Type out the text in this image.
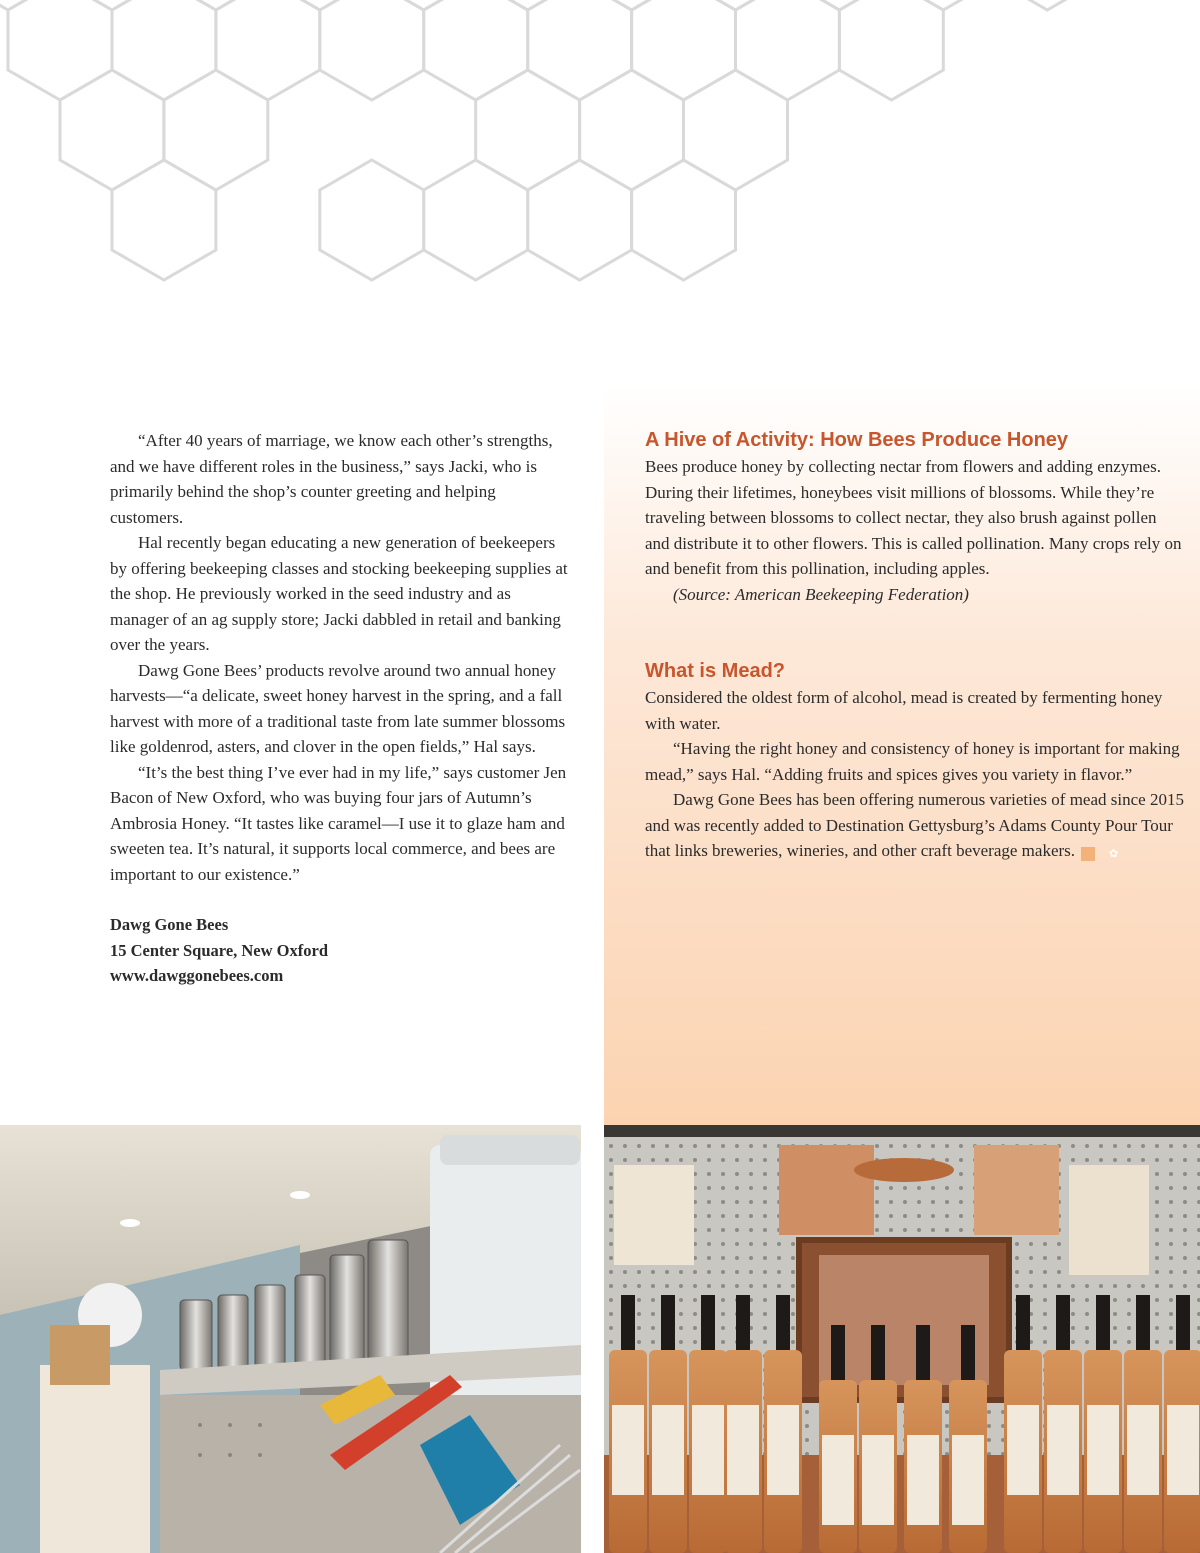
“After 40 years of marriage, we know each other’s strengths, and we have different roles in the business,” says Jacki, who is primarily behind the shop’s counter greeting and helping customers.

Hal recently began educating a new generation of beekeepers by offering beekeeping classes and stocking beekeeping supplies at the shop. He previously worked in the seed industry and as manager of an ag supply store; Jacki dabbled in retail and banking over the years.

Dawg Gone Bees’ products revolve around two annual honey harvests—“a delicate, sweet honey harvest in the spring, and a fall harvest with more of a traditional taste from late summer blossoms like goldenrod, asters, and clover in the open fields,” Hal says.

“It’s the best thing I’ve ever had in my life,” says customer Jen Bacon of New Oxford, who was buying four jars of Autumn’s Ambrosia Honey. “It tastes like caramel—I use it to glaze ham and sweeten tea. It’s natural, it supports local commerce, and bees are important to our existence.”

Dawg Gone Bees
15 Center Square, New Oxford
www.dawggonebees.com
A Hive of Activity: How Bees Produce Honey

Bees produce honey by collecting nectar from flowers and adding enzymes. During their lifetimes, honeybees visit millions of blossoms. While they’re traveling between blossoms to collect nectar, they also brush against pollen and distribute it to other flowers. This is called pollination. Many crops rely on and benefit from this pollination, including apples.

(Source: American Beekeeping Federation)

What is Mead?

Considered the oldest form of alcohol, mead is created by fermenting honey with water.

“Having the right honey and consistency of honey is important for making mead,” says Hal. “Adding fruits and spices gives you variety in flavor.”

Dawg Gone Bees has been offering numerous varieties of mead since 2015 and was recently added to Destination Gettysburg’s Adams County Pour Tour that links breweries, wineries, and other craft beverage makers.	✿
